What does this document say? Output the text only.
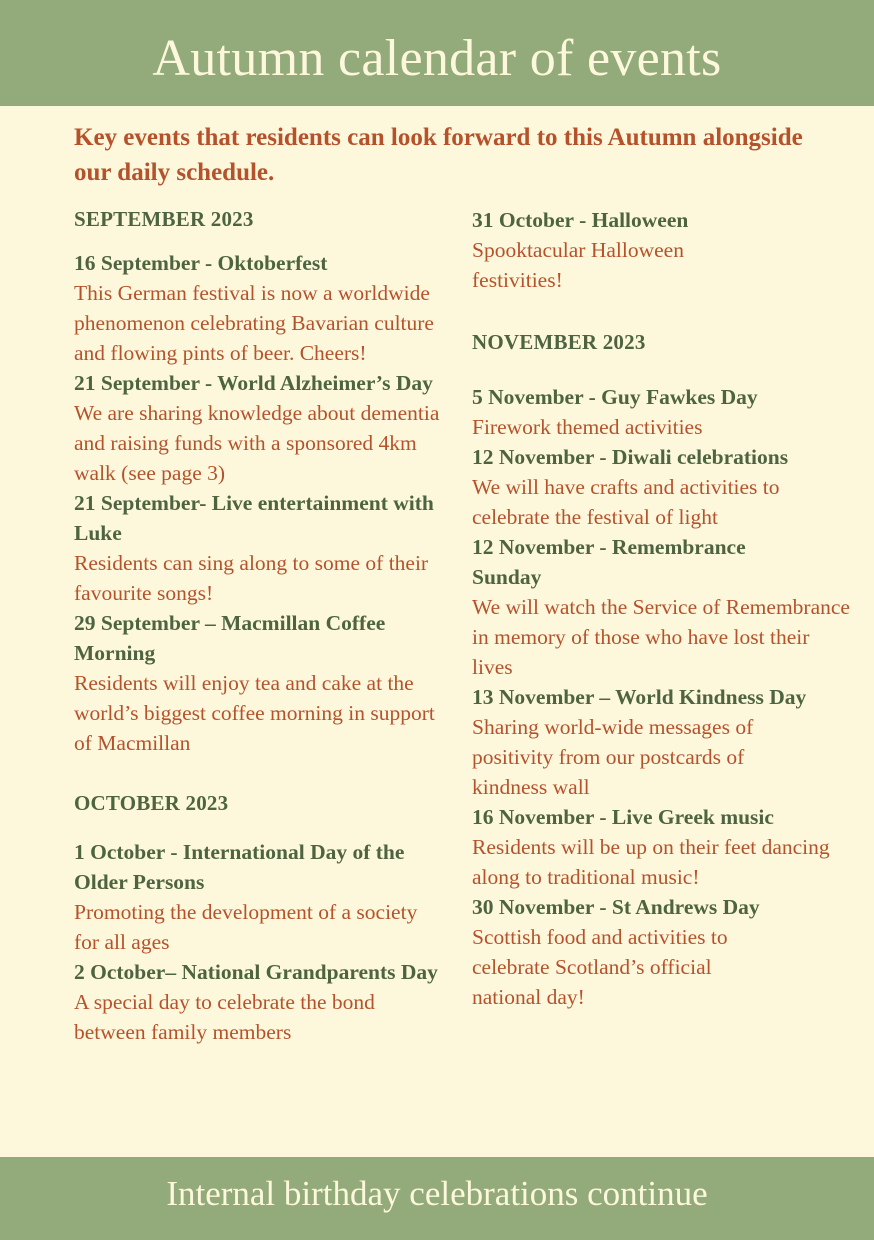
Autumn calendar of events
Key events that residents can look forward to this Autumn alongside our daily schedule.
SEPTEMBER 2023
16 September - Oktoberfest
This German festival is now a worldwide phenomenon celebrating Bavarian culture and flowing pints of beer. Cheers!
21 September - World Alzheimer’s Day
We are sharing knowledge about dementia and raising funds with a sponsored 4km walk (see page 3)
21 September- Live entertainment with Luke
Residents can sing along to some of their favourite songs!
29 September – Macmillan Coffee Morning
Residents will enjoy tea and cake at the world’s biggest coffee morning in support of Macmillan
OCTOBER 2023
1 October - International Day of the Older Persons
Promoting the development of a society for all ages
2 October– National Grandparents Day
A special day to celebrate the bond between family members
31 October - Halloween
Spooktacular Halloween festivities!
NOVEMBER 2023
5 November - Guy Fawkes Day
Firework themed activities
12 November - Diwali celebrations
We will have crafts and activities to celebrate the festival of light
12 November - Remembrance Sunday
We will watch the Service of Remembrance in memory of those who have lost their lives
13 November – World Kindness Day
Sharing world-wide messages of positivity from our postcards of kindness wall
16 November - Live Greek music
Residents will be up on their feet dancing along to traditional music!
30 November - St Andrews Day
Scottish food and activities to celebrate Scotland’s official national day!
Internal birthday celebrations continue
